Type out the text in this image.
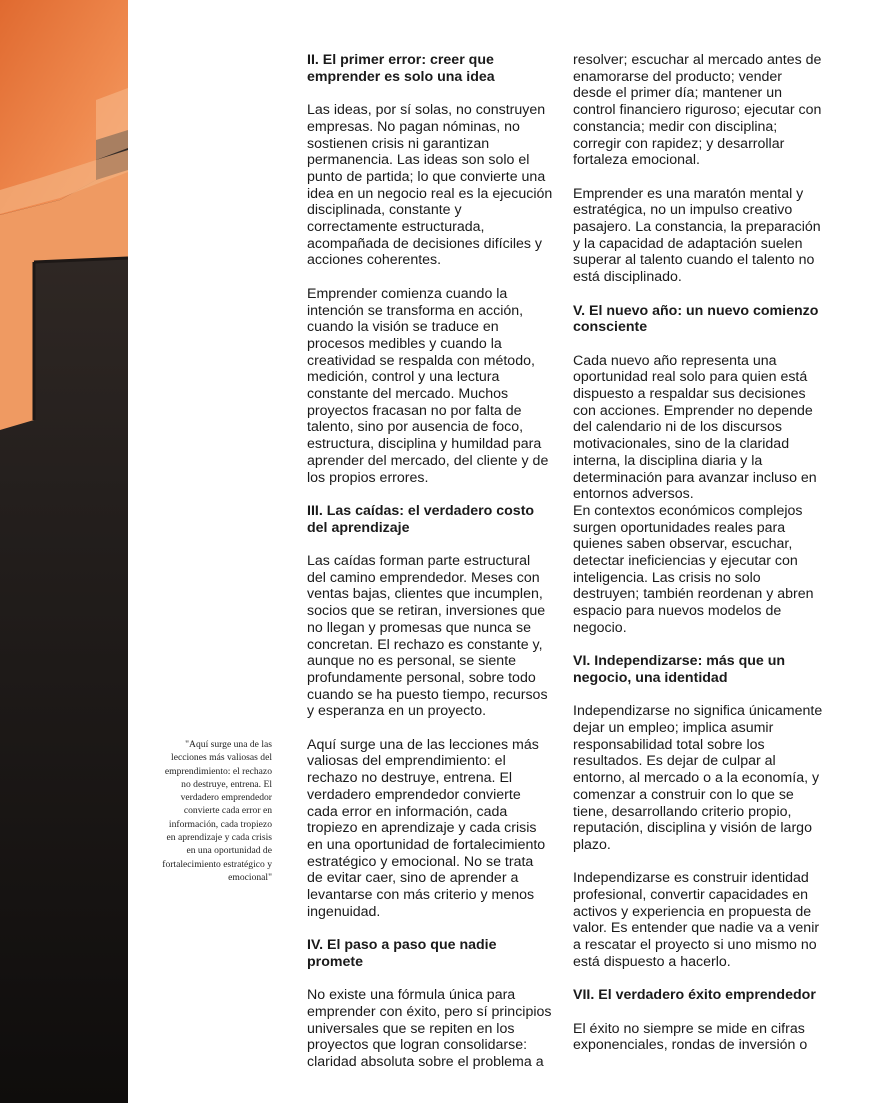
"Aquí surge una de las lecciones más valiosas del emprendimiento: el rechazo no destruye, entrena. El verdadero emprendedor convierte cada error en información, cada tropiezo en aprendizaje y cada crisis en una oportunidad de fortalecimiento estratégico y emocional"
II. El primer error: creer que emprender es solo una idea

Las ideas, por sí solas, no construyen empresas. No pagan nóminas, no sostienen crisis ni garantizan permanencia. Las ideas son solo el punto de partida; lo que convierte una idea en un negocio real es la ejecución disciplinada, constante y correctamente estructurada, acompañada de decisiones difíciles y acciones coherentes.

Emprender comienza cuando la intención se transforma en acción, cuando la visión se traduce en procesos medibles y cuando la creatividad se respalda con método, medición, control y una lectura constante del mercado. Muchos proyectos fracasan no por falta de talento, sino por ausencia de foco, estructura, disciplina y humildad para aprender del mercado, del cliente y de los propios errores.

III. Las caídas: el verdadero costo del aprendizaje

Las caídas forman parte estructural del camino emprendedor. Meses con ventas bajas, clientes que incumplen, socios que se retiran, inversiones que no llegan y promesas que nunca se concretan. El rechazo es constante y, aunque no es personal, se siente profundamente personal, sobre todo cuando se ha puesto tiempo, recursos y esperanza en un proyecto.

Aquí surge una de las lecciones más valiosas del emprendimiento: el rechazo no destruye, entrena. El verdadero emprendedor convierte cada error en información, cada tropiezo en aprendizaje y cada crisis en una oportunidad de fortalecimiento estratégico y emocional. No se trata de evitar caer, sino de aprender a levantarse con más criterio y menos ingenuidad.

IV. El paso a paso que nadie promete

No existe una fórmula única para emprender con éxito, pero sí principios universales que se repiten en los proyectos que logran consolidarse: claridad absoluta sobre el problema a

resolver; escuchar al mercado antes de enamorarse del producto; vender desde el primer día; mantener un control financiero riguroso; ejecutar con constancia; medir con disciplina; corregir con rapidez; y desarrollar fortaleza emocional.

Emprender es una maratón mental y estratégica, no un impulso creativo pasajero. La constancia, la preparación y la capacidad de adaptación suelen superar al talento cuando el talento no está disciplinado.

V. El nuevo año: un nuevo comienzo consciente

Cada nuevo año representa una oportunidad real solo para quien está dispuesto a respaldar sus decisiones con acciones. Emprender no depende del calendario ni de los discursos motivacionales, sino de la claridad interna, la disciplina diaria y la determinación para avanzar incluso en entornos adversos.

En contextos económicos complejos surgen oportunidades reales para quienes saben observar, escuchar, detectar ineficiencias y ejecutar con inteligencia. Las crisis no solo destruyen; también reordenan y abren espacio para nuevos modelos de negocio.

VI. Independizarse: más que un negocio, una identidad

Independizarse no significa únicamente dejar un empleo; implica asumir responsabilidad total sobre los resultados. Es dejar de culpar al entorno, al mercado o a la economía, y comenzar a construir con lo que se tiene, desarrollando criterio propio, reputación, disciplina y visión de largo plazo.

Independizarse es construir identidad profesional, convertir capacidades en activos y experiencia en propuesta de valor. Es entender que nadie va a venir a rescatar el proyecto si uno mismo no está dispuesto a hacerlo.

VII. El verdadero éxito emprendedor

El éxito no siempre se mide en cifras exponenciales, rondas de inversión o
